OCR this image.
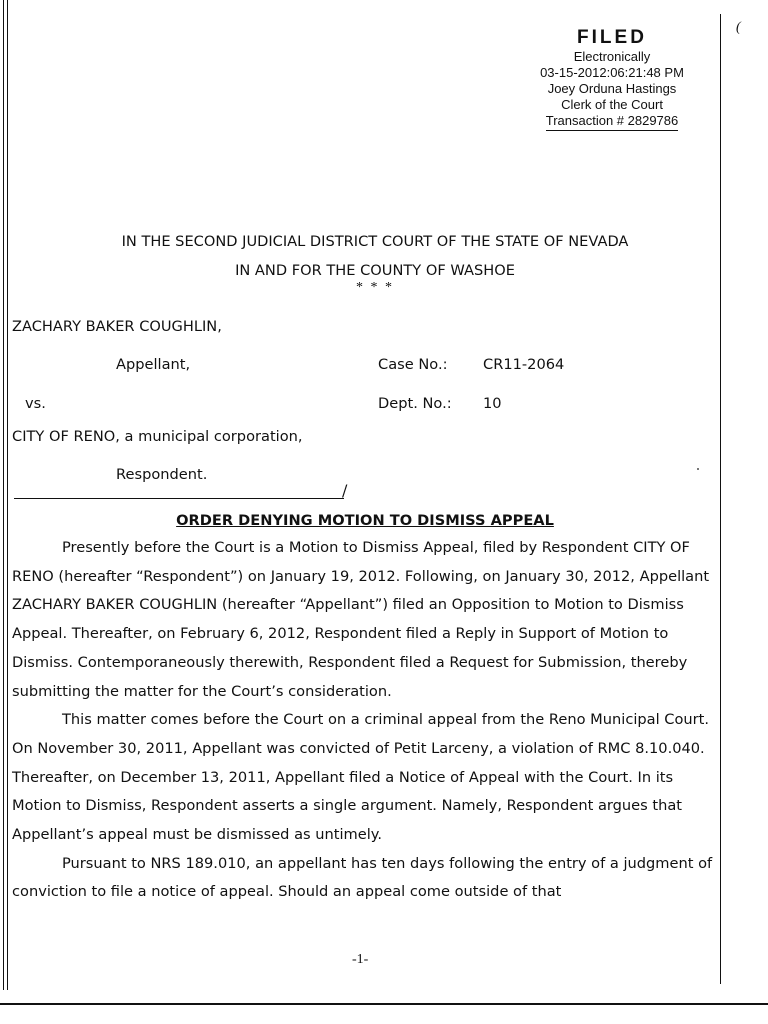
FILED
Electronically
03-15-2012:06:21:48 PM
Joey Orduna Hastings
Clerk of the Court
Transaction # 2829786
(
IN THE SECOND JUDICIAL DISTRICT COURT OF THE STATE OF NEVADA
IN AND FOR THE COUNTY OF WASHOE
* * *
ZACHARY BAKER COUGHLIN,
Appellant,	Case No.: CR11-2064
vs.	Dept. No.: 10
CITY OF RENO, a municipal corporation,
Respondent.
/
ORDER DENYING MOTION TO DISMISS APPEAL
Presently before the Court is a Motion to Dismiss Appeal, filed by Respondent CITY OF RENO (hereafter “Respondent”) on January 19, 2012. Following, on January 30, 2012, Appellant ZACHARY BAKER COUGHLIN (hereafter “Appellant”) filed an Opposition to Motion to Dismiss Appeal. Thereafter, on February 6, 2012, Respondent filed a Reply in Support of Motion to Dismiss. Contemporaneously therewith, Respondent filed a Request for Submission, thereby submitting the matter for the Court’s consideration.
This matter comes before the Court on a criminal appeal from the Reno Municipal Court. On November 30, 2011, Appellant was convicted of Petit Larceny, a violation of RMC 8.10.040. Thereafter, on December 13, 2011, Appellant filed a Notice of Appeal with the Court. In its Motion to Dismiss, Respondent asserts a single argument. Namely, Respondent argues that Appellant’s appeal must be dismissed as untimely.
Pursuant to NRS 189.010, an appellant has ten days following the entry of a judgment of conviction to file a notice of appeal. Should an appeal come outside of that
-1-
